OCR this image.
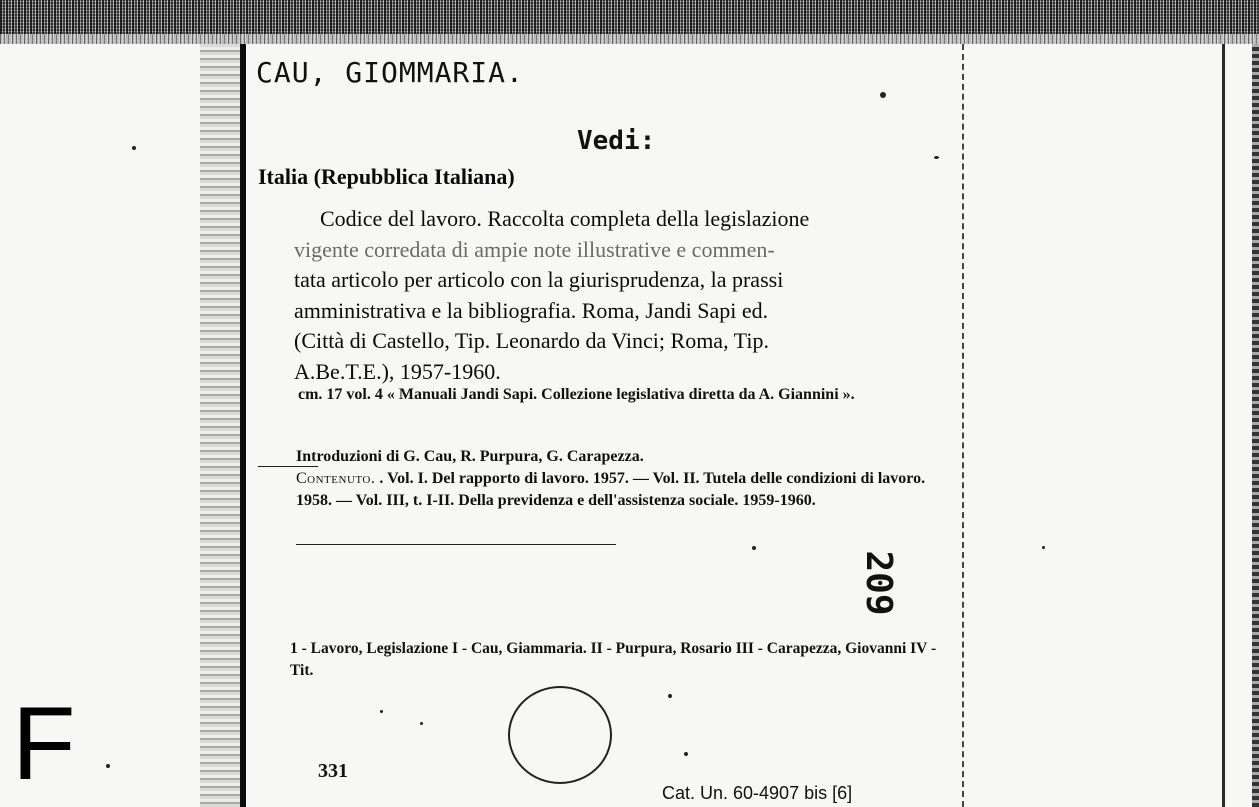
F
CAU, GIOMMARIA.
Vedi:
Italia (Repubblica Italiana)
Codice del lavoro. Raccolta completa della legislazione
vigente corredata di ampie note illustrative e commen-
tata articolo per articolo con la giurisprudenza, la prassi
amministrativa e la bibliografia. Roma, Jandi Sapi ed.
(Città di Castello, Tip. Leonardo da Vinci; Roma, Tip.
A.Be.T.E.), 1957-1960.
cm. 17 vol. 4 « Manuali Jandi Sapi. Collezione legislativa diretta da A. Giannini ».
Introduzioni di G. Cau, R. Purpura, G. Carapezza.
Contenuto. . Vol. I. Del rapporto di lavoro. 1957. — Vol. II. Tutela delle condizioni di lavoro. 1958. — Vol. III, t. I-II. Della previdenza e dell'assistenza sociale. 1959-1960.
209
1 - Lavoro, Legislazione I - Cau, Giammaria. II - Purpura, Rosario III - Carapezza, Giovanni IV - Tit.
331
Cat. Un. 60-4907 bis [6]
